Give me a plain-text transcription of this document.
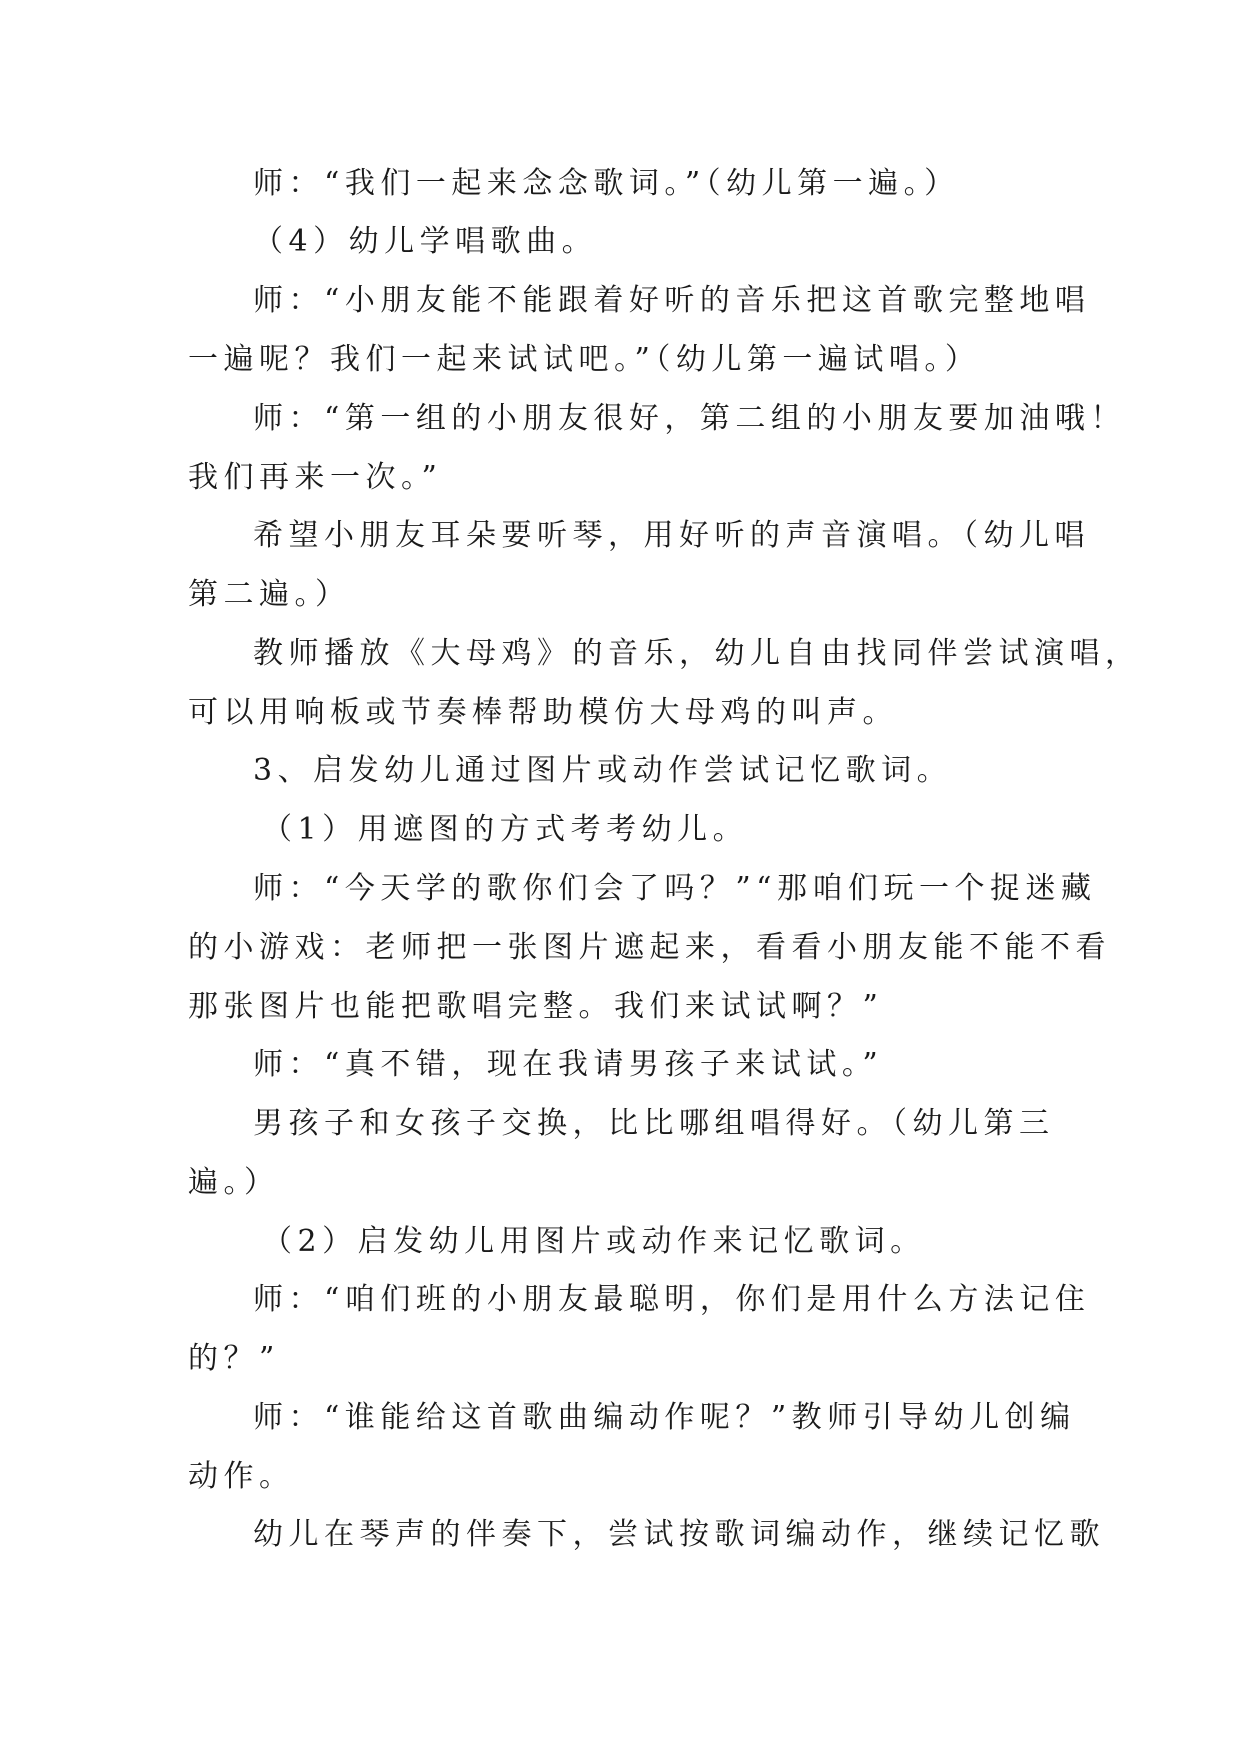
师：“我们一起来念念歌词。”（幼儿第一遍。）
（4）幼儿学唱歌曲。
师：“小朋友能不能跟着好听的音乐把这首歌完整地唱
一遍呢？我们一起来试试吧。”（幼儿第一遍试唱。）
师：“第一组的小朋友很好，第二组的小朋友要加油哦！
我们再来一次。”
希望小朋友耳朵要听琴，用好听的声音演唱。（幼儿唱
第二遍。）
教师播放《大母鸡》的音乐，幼儿自由找同伴尝试演唱，
可以用响板或节奏棒帮助模仿大母鸡的叫声。
3、启发幼儿通过图片或动作尝试记忆歌词。
（1）用遮图的方式考考幼儿。
师：“今天学的歌你们会了吗？”“那咱们玩一个捉迷藏
的小游戏：老师把一张图片遮起来，看看小朋友能不能不看
那张图片也能把歌唱完整。我们来试试啊？”
师：“真不错，现在我请男孩子来试试。”
男孩子和女孩子交换，比比哪组唱得好。（幼儿第三
遍。）
（2）启发幼儿用图片或动作来记忆歌词。
师：“咱们班的小朋友最聪明，你们是用什么方法记住
的？”
师：“谁能给这首歌曲编动作呢？”教师引导幼儿创编
动作。
幼儿在琴声的伴奏下，尝试按歌词编动作，继续记忆歌
